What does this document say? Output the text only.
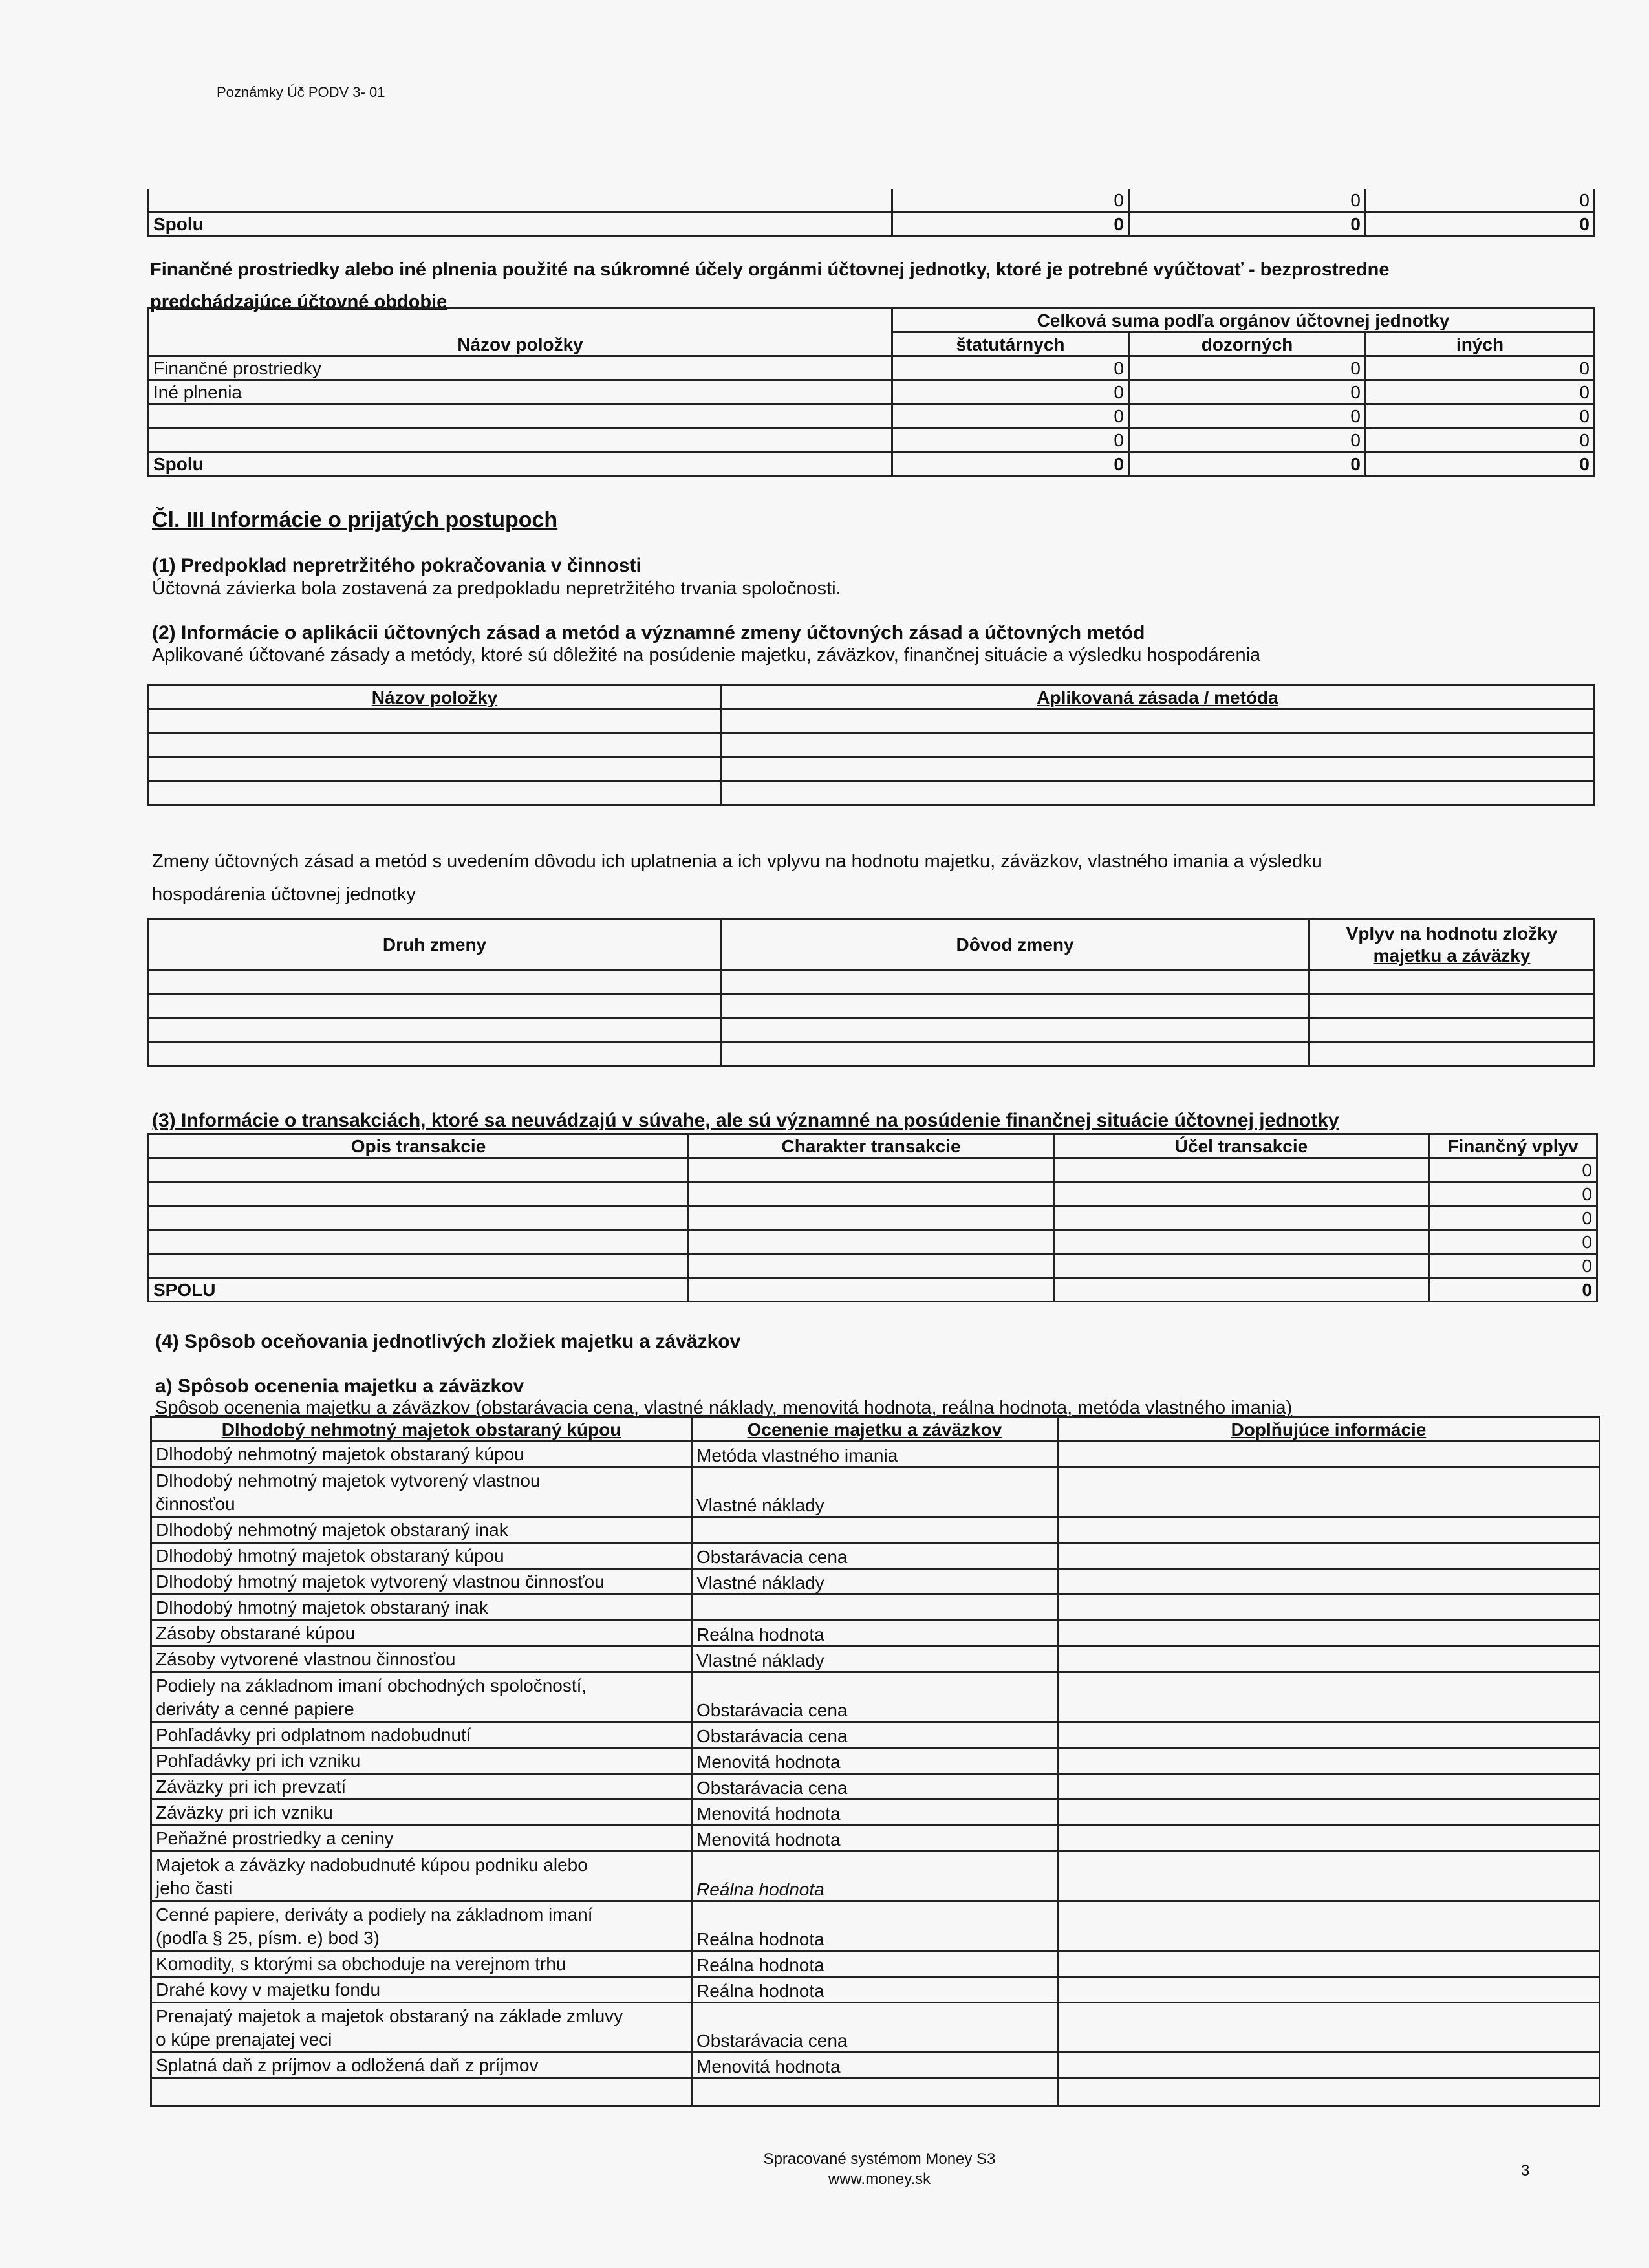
Poznámky Úč PODV 3- 01
	0	0	0
Spolu	0	0	0
Finančné prostriedky alebo iné plnenia použité na súkromné účely orgánmi účtovnej jednotky, ktoré je potrebné vyúčtovať - bezprostredne
predchádzajúce účtovné obdobie
Názov položky	Celková suma podľa orgánov účtovnej jednotky		
	štatutárnych	dozorných	iných
Finančné prostriedky	0	0	0
Iné plnenia	0	0	0
	0	0	0
	0	0	0
Spolu	0	0	0
Čl. III Informácie o prijatých postupoch
(1) Predpoklad nepretržitého pokračovania v činnosti
Účtovná závierka bola zostavená za predpokladu nepretržitého trvania spoločnosti.
(2) Informácie o aplikácii účtovných zásad a metód a významné zmeny účtovných zásad a účtovných metód
Aplikované účtované zásady a metódy, ktoré sú dôležité na posúdenie majetku, záväzkov, finančnej situácie a výsledku hospodárenia
Názov položky	Aplikovaná zásada / metóda

Zmeny účtovných zásad a metód s uvedením dôvodu ich uplatnenia a ich vplyvu na hodnotu majetku, záväzkov, vlastného imania a výsledku
hospodárenia účtovnej jednotky
Druh zmeny	Dôvod zmeny	Vplyv na hodnotu zložky
majetku a záväzky

(3) Informácie o transakciách, ktoré sa neuvádzajú v súvahe, ale sú významné na posúdenie finančnej situácie účtovnej jednotky
Opis transakcie	Charakter transakcie	Účel transakcie	Finančný vplyv
			0
			0
			0
			0
			0
SPOLU			0
(4) Spôsob oceňovania jednotlivých zložiek majetku a záväzkov
a) Spôsob ocenenia majetku a záväzkov
Spôsob ocenenia majetku a záväzkov (obstarávacia cena, vlastné náklady, menovitá hodnota, reálna hodnota, metóda vlastného imania)
Dlhodobý nehmotný majetok obstaraný kúpou	Ocenenie majetku a záväzkov	Doplňujúce informácie
Dlhodobý nehmotný majetok obstaraný kúpou	Metóda vlastného imania	

Dlhodobý nehmotný majetok vytvorený vlastnou
činnosťou	Vlastné náklady	

Dlhodobý nehmotný majetok obstaraný inak		

Dlhodobý hmotný majetok obstaraný kúpou	Obstarávacia cena	

Dlhodobý hmotný majetok vytvorený vlastnou činnosťou	Vlastné náklady	

Dlhodobý hmotný majetok obstaraný inak		

Zásoby obstarané kúpou	Reálna hodnota	

Zásoby vytvorené vlastnou činnosťou	Vlastné náklady	

Podiely na základnom imaní obchodných spoločností,
deriváty a cenné papiere	Obstarávacia cena	

Pohľadávky pri odplatnom nadobudnutí	Obstarávacia cena	

Pohľadávky pri ich vzniku	Menovitá hodnota	

Záväzky pri ich prevzatí	Obstarávacia cena	

Záväzky pri ich vzniku	Menovitá hodnota	

Peňažné prostriedky a ceniny	Menovitá hodnota	

Majetok a záväzky nadobudnuté kúpou podniku alebo
jeho časti	Reálna hodnota	

Cenné papiere, deriváty a podiely na základnom imaní
(podľa § 25, písm. e) bod 3)	Reálna hodnota	

Komodity, s ktorými sa obchoduje na verejnom trhu	Reálna hodnota	

Drahé kovy v majetku fondu	Reálna hodnota	

Prenajatý majetok a majetok obstaraný na základe zmluvy
o kúpe prenajatej veci	Obstarávacia cena	

Splatná daň z príjmov a odložená daň z príjmov	Menovitá hodnota	

Spracované systémom Money S3
www.money.sk	3
